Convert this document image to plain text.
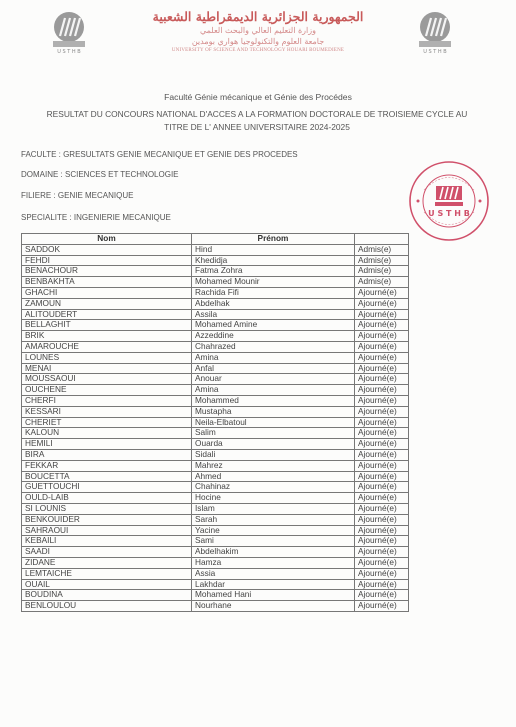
U S T H B
الجمهورية الجزائرية الديمقراطية الشعبية
وزارة التعليم العالي والبحث العلمي
جامعة العلوم والتكنولوجيا هواري بومدين
UNIVERSITY OF SCIENCE AND TECHNOLOGY HOUARI BOUMEDIENE	U S T H B
Faculté Génie mécanique et Génie des Procédes
RESULTAT DU CONCOURS NATIONAL D'ACCES A LA FORMATION DOCTORALE DE TROISIEME CYCLE AU
TITRE DE L' ANNEE UNIVERSITAIRE 2024-2025
FACULTE : GRESULTATS GENIE MECANIQUE ET GENIE DES PROCEDES
DOMAINE : SCIENCES ET TECHNOLOGIE
FILIERE : GENIE MECANIQUE
SPECIALITE : INGENIERIE MECANIQUE	U S T H B
Nom	Prénom	
SADDOK	Hind	Admis(e)
FEHDI	Khedidja	Admis(e)
BENACHOUR	Fatma Zohra	Admis(e)
BENBAKHTA	Mohamed Mounir	Admis(e)
GHACHI	Rachida Fifi	Ajourné(e)
ZAMOUN	Abdelhak	Ajourné(e)
ALITOUDERT	Assila	Ajourné(e)
BELLAGHIT	Mohamed Amine	Ajourné(e)
BRIK	Azzeddine	Ajourné(e)
AMAROUCHE	Chahrazed	Ajourné(e)
LOUNES	Amina	Ajourné(e)
MENAI	Anfal	Ajourné(e)
MOUSSAOUI	Anouar	Ajourné(e)
OUCHENE	Amina	Ajourné(e)
CHERFI	Mohammed	Ajourné(e)
KESSARI	Mustapha	Ajourné(e)
CHERIET	Neila-Elbatoul	Ajourné(e)
KALOUN	Salim	Ajourné(e)
HEMILI	Ouarda	Ajourné(e)
BIRA	Sidali	Ajourné(e)
FEKKAR	Mahrez	Ajourné(e)
BOUCETTA	Ahmed	Ajourné(e)
GUETTOUCHI	Chahinaz	Ajourné(e)
OULD-LAIB	Hocine	Ajourné(e)
SI LOUNIS	Islam	Ajourné(e)
BENKOUIDER	Sarah	Ajourné(e)
SAHRAOUI	Yacine	Ajourné(e)
KEBAILI	Sami	Ajourné(e)
SAADI	Abdelhakim	Ajourné(e)
ZIDANE	Hamza	Ajourné(e)
LEMTAICHE	Assia	Ajourné(e)
OUAIL	Lakhdar	Ajourné(e)
BOUDINA	Mohamed Hani	Ajourné(e)
BENLOULOU	Nourhane	Ajourné(e)
